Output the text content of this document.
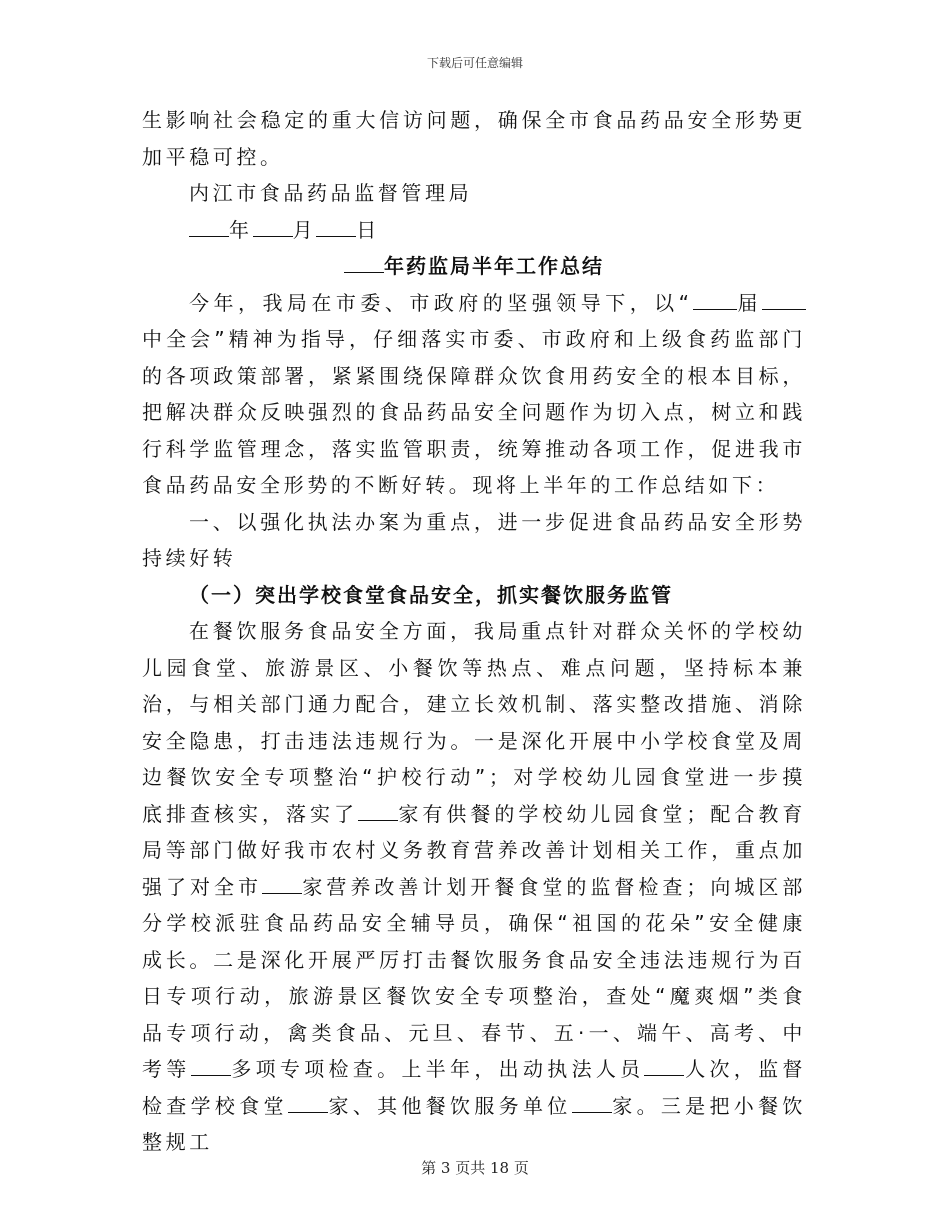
下载后可任意编辑

生影响社会稳定的重大信访问题，确保全市食品药品安全形势更加平稳可控。

内江市食品药品监督管理局

年 月 日

年药监局半年工作总结

今年，我局在市委、市政府的坚强领导下，以“ 届中全会”精神为指导，仔细落实市委、市政府和上级食药监部门的各项政策部署，紧紧围绕保障群众饮食用药安全的根本目标，把解决群众反映强烈的食品药品安全问题作为切入点，树立和践行科学监管理念，落实监管职责，统筹推动各项工作，促进我市食品药品安全形势的不断好转。现将上半年的工作总结如下：

一、以强化执法办案为重点，进一步促进食品药品安全形势持续好转

（一）突出学校食堂食品安全，抓实餐饮服务监管

在餐饮服务食品安全方面，我局重点针对群众关怀的学校幼儿园食堂、旅游景区、小餐饮等热点、难点问题，坚持标本兼治，与相关部门通力配合，建立长效机制、落实整改措施、消除安全隐患，打击违法违规行为。一是深化开展中小学校食堂及周边餐饮安全专项整治“护校行动”；对学校幼儿园食堂进一步摸底排查核实，落实了 家有供餐的学校幼儿园食堂；配合教育局等部门做好我市农村义务教育营养改善计划相关工作，重点加强了对全市 家营养改善计划开餐食堂的监督检查；向城区部分学校派驻食品药品安全辅导员，确保“祖国的花朵”安全健康成长。二是深化开展严厉打击餐饮服务食品安全违法违规行为百日专项行动，旅游景区餐饮安全专项整治，查处“魔爽烟”类食品专项行动，禽类食品、元旦、春节、五·一、端午、高考、中考等 多项专项检查。上半年，出动执法人员 人次，监督检查学校食堂 家、其他餐饮服务单位 家。三是把小餐饮整规工

第 3 页共 18 页
